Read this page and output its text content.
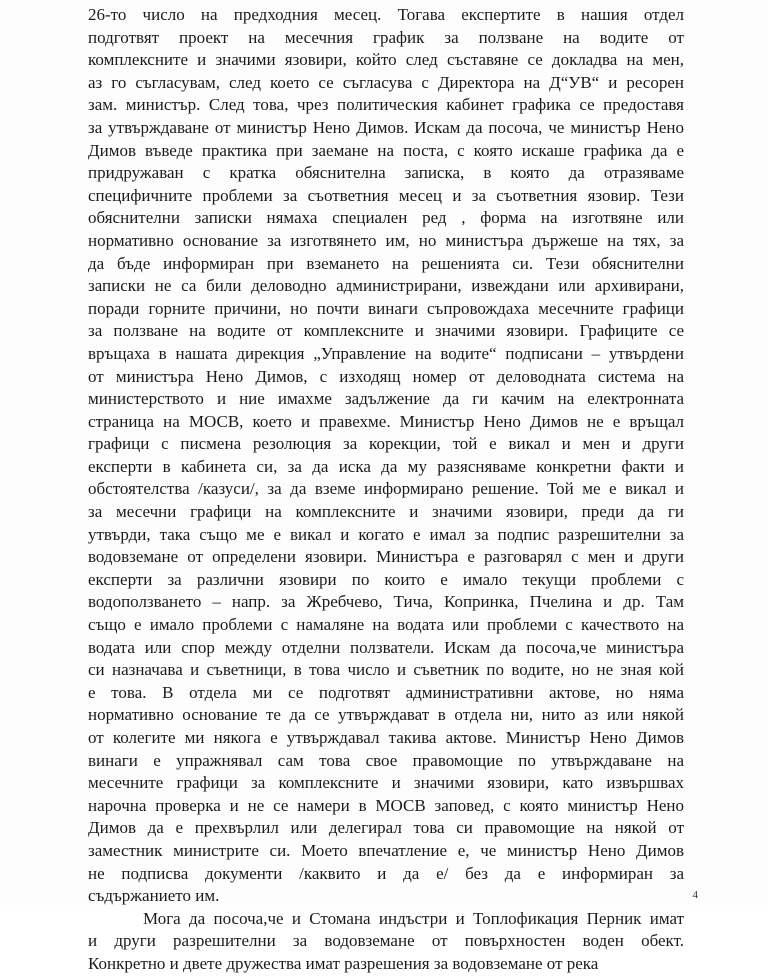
26-то число на предходния месец. Тогава експертите в нашия отдел
подготвят проект на месечния график за ползване на водите от
комплексните и значими язовири, който след съставяне се докладва на мен,
аз го съгласувам, след което се съгласува с Директора на Д“УВ“ и ресорен
зам. министър. След това, чрез политическия кабинет графика се предоставя
за утвърждаване от министър Нено Димов. Искам да посоча, че министър Нено
Димов въведе практика при заемане на поста, с която искаше графика да е
придружаван с кратка обяснителна записка, в която да отразяваме
специфичните проблеми за съответния месец и за съответния язовир. Тези
обяснителни записки нямаха специален ред , форма на изготвяне или
нормативно основание за изготвянето им, но министъра държеше на тях, за
да бъде информиран при вземането на решенията си. Тези обяснителни
записки не са били деловодно администрирани, извеждани или архивирани,
поради горните причини, но почти винаги съпровождаха месечните графици
за ползване на водите от комплексните и значими язовири. Графиците се
връщаха в нашата дирекция „Управление на водите“ подписани – утвърдени
от министъра Нено Димов, с изходящ номер от деловодната система на
министерството и ние имахме задължение да ги качим на електронната
страница на МОСВ, което и правехме. Министър Нено Димов не е връщал
графици с писмена резолюция за корекции, той е викал и мен и други
експерти в кабинета си, за да иска да му разясняваме конкретни факти и
обстоятелства /казуси/, за да вземе информирано решение. Той ме е викал и
за месечни графици на комплексните и значими язовири, преди да ги
утвърди, така също ме е викал и когато е имал за подпис разрешителни за
водовземане от определени язовири. Министъра е разговарял с мен и други
експерти за различни язовири по които е имало текущи проблеми с
водоползването – напр. за Жребчево, Тича, Копринка, Пчелина и др. Там
също е имало проблеми с намаляне на водата или проблеми с качеството на
водата или спор между отделни ползватели. Искам да посоча,че министъра
си назначава и съветници, в това число и съветник по водите, но не зная кой
е това. В отдела ми се подготвят административни актове, но няма
нормативно основание те да се утвърждават в отдела ни, нито аз или някой
от колегите ми някога е утвърждавал такива актове. Министър Нено Димов
винаги е упражнявал сам това свое правомощие по утвърждаване на
месечните графици за комплексните и значими язовири, като извършвах
нарочна проверка и не се намери в МОСВ заповед, с която министър Нено
Димов да е прехвърлил или делегирал това си правомощие на някой от
заместник министрите си. Моето впечатление е, че министър Нено Димов
не подписва документи /каквито и да е/ без да е информиран за
съдържанието им.
Мога да посоча,че и Стомана индъстри и Топлофикация Перник имат
и други разрешителни за водовземане от повърхностен воден обект.
Конкретно и двете дружества имат разрешения за водовземане от река
4
